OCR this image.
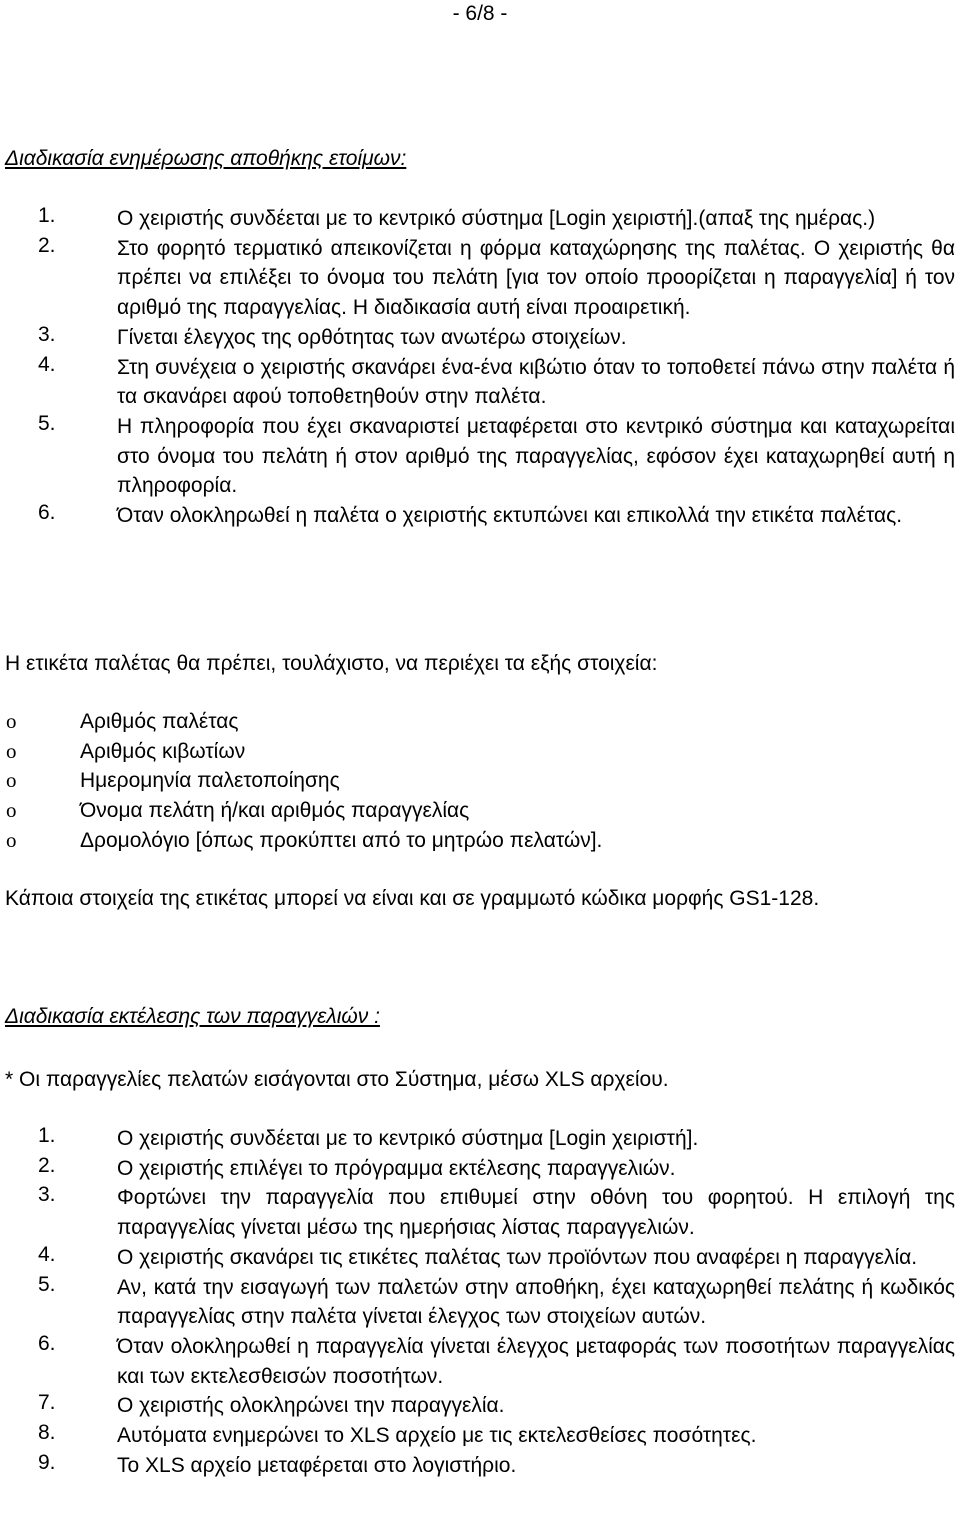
- 6/8 -
Διαδικασία ενημέρωσης αποθήκης ετοίμων:
1.	Ο χειριστής συνδέεται με το κεντρικό σύστημα [Login χειριστή].(απαξ της ημέρας.)
2.	Στο φορητό τερματικό απεικονίζεται η φόρμα καταχώρησης της παλέτας. Ο χειριστής θα πρέπει να επιλέξει το όνομα του πελάτη [για τον οποίο προορίζεται η παραγγελία] ή τον αριθμό της παραγγελίας. Η διαδικασία αυτή είναι προαιρετική.
3.	Γίνεται έλεγχος της ορθότητας των ανωτέρω στοιχείων.
4.	Στη συνέχεια ο χειριστής σκανάρει ένα-ένα κιβώτιο όταν το τοποθετεί πάνω στην παλέτα ή τα σκανάρει αφού τοποθετηθούν στην παλέτα.
5.	Η πληροφορία που έχει σκαναριστεί μεταφέρεται στο κεντρικό σύστημα και καταχωρείται στο όνομα του πελάτη ή στον αριθμό της παραγγελίας, εφόσον έχει καταχωρηθεί αυτή η πληροφορία.
6.	Όταν ολοκληρωθεί η παλέτα ο χειριστής εκτυπώνει και επικολλά την ετικέτα παλέτας.
Η ετικέτα παλέτας θα πρέπει, τουλάχιστο, να περιέχει τα εξής στοιχεία:
o	Αριθμός παλέτας
o	Αριθμός κιβωτίων
o	Ημερομηνία παλετοποίησης
o	Όνομα πελάτη ή/και αριθμός παραγγελίας
o	Δρομολόγιο [όπως προκύπτει από το μητρώο πελατών].
Κάποια στοιχεία της ετικέτας μπορεί να είναι και σε γραμμωτό κώδικα μορφής GS1-128.
Διαδικασία εκτέλεσης των παραγγελιών :
* Οι παραγγελίες πελατών εισάγονται στο Σύστημα, μέσω XLS αρχείου.
1.	Ο χειριστής συνδέεται με το κεντρικό σύστημα [Login χειριστή].
2.	Ο χειριστής επιλέγει το πρόγραμμα εκτέλεσης παραγγελιών.
3.	Φορτώνει την παραγγελία που επιθυμεί στην οθόνη του φορητού. Η επιλογή της παραγγελίας γίνεται μέσω της ημερήσιας λίστας παραγγελιών.
4.	Ο χειριστής σκανάρει τις ετικέτες παλέτας των προϊόντων που αναφέρει η παραγγελία.
5.	Αν, κατά την εισαγωγή των παλετών στην αποθήκη, έχει καταχωρηθεί πελάτης ή κωδικός παραγγελίας στην παλέτα γίνεται έλεγχος των στοιχείων αυτών.
6.	Όταν ολοκληρωθεί η παραγγελία γίνεται έλεγχος μεταφοράς των ποσοτήτων παραγγελίας και των εκτελεσθεισών ποσοτήτων.
7.	Ο χειριστής ολοκληρώνει την παραγγελία.
8.	Αυτόματα ενημερώνει το XLS αρχείο με τις εκτελεσθείσες ποσότητες.
9.	Το XLS αρχείο μεταφέρεται στο λογιστήριο.
